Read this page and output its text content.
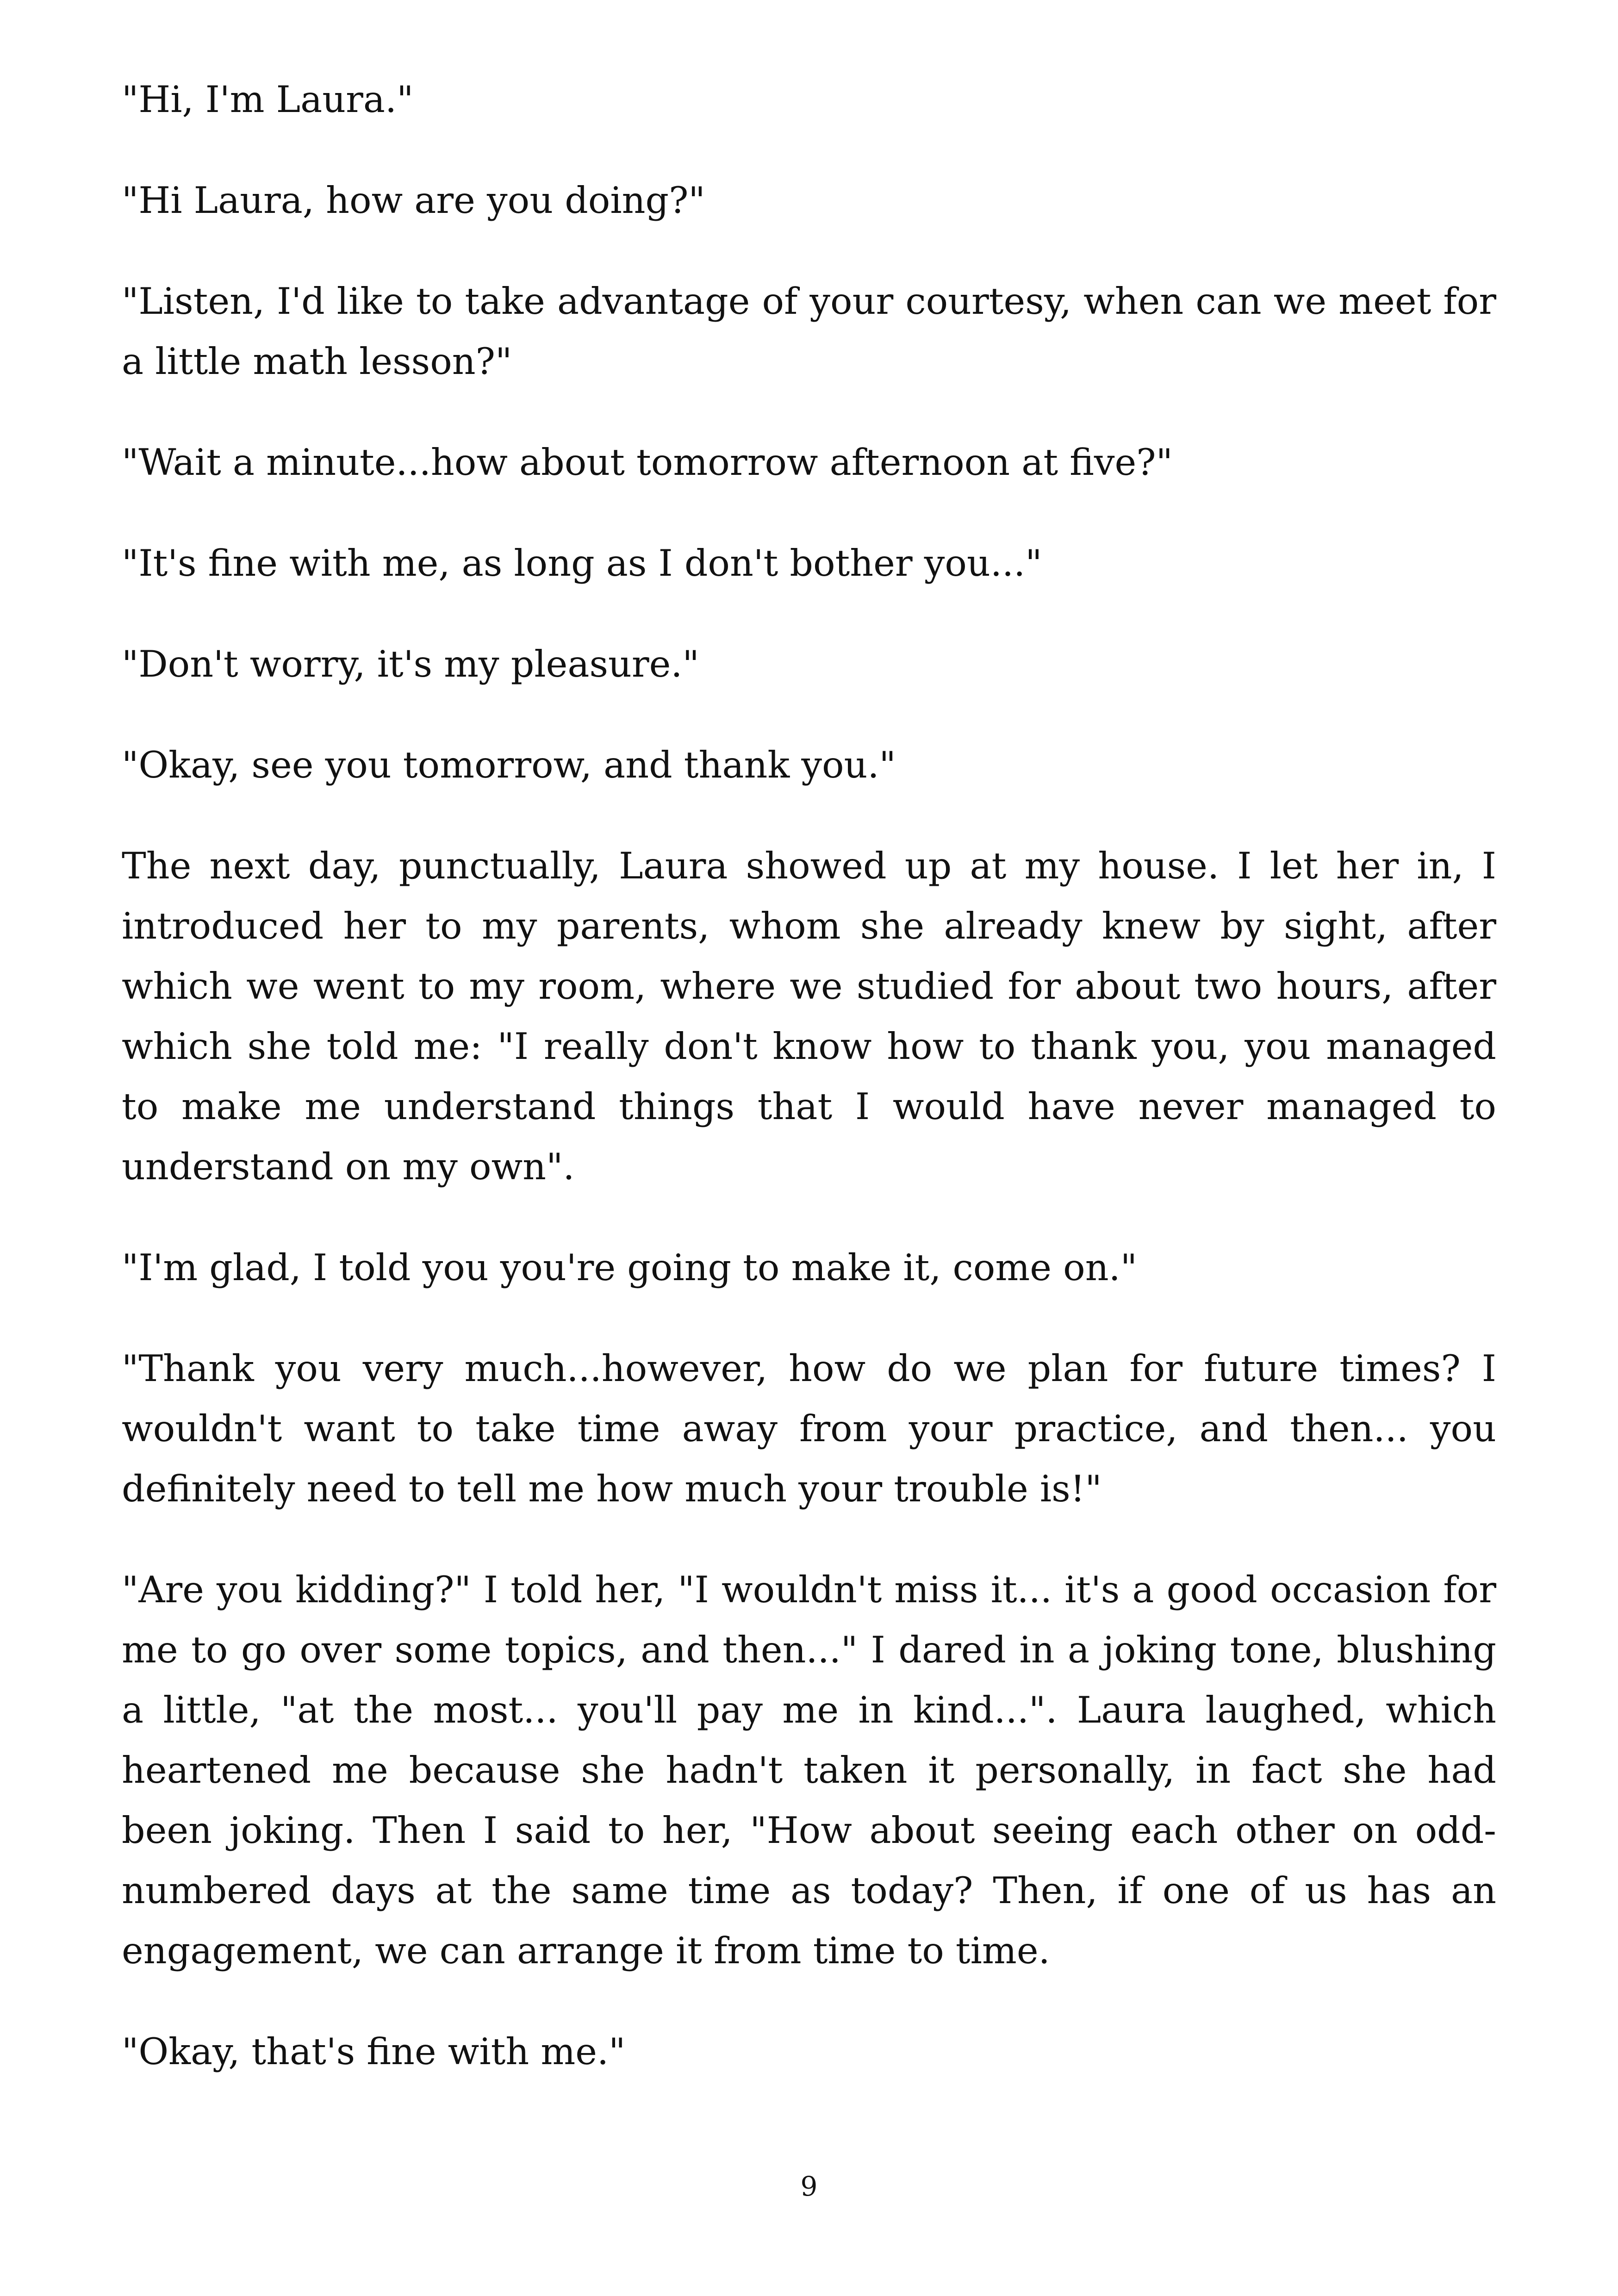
"Hi, I'm Laura."

"Hi Laura, how are you doing?"

"Listen, I'd like to take advantage of your courtesy, when can we meet for a little math lesson?"

"Wait a minute...how about tomorrow afternoon at five?"

"It's fine with me, as long as I don't bother you..."

"Don't worry, it's my pleasure."

"Okay, see you tomorrow, and thank you."

The next day, punctually, Laura showed up at my house. I let her in, I introduced her to my parents, whom she already knew by sight, after which we went to my room, where we studied for about two hours, after which she told me: "I really don't know how to thank you, you managed to make me understand things that I would have never managed to understand on my own".

"I'm glad, I told you you're going to make it, come on."

"Thank you very much...however, how do we plan for future times? I wouldn't want to take time away from your practice, and then... you definitely need to tell me how much your trouble is!"

"Are you kidding?" I told her, "I wouldn't miss it... it's a good occasion for me to go over some topics, and then..." I dared in a joking tone, blushing a little, "at the most... you'll pay me in kind...". Laura laughed, which heartened me because she hadn't taken it personally, in fact she had been joking. Then I said to her, "How about seeing each other on odd-numbered days at the same time as today? Then, if one of us has an engagement, we can arrange it from time to time.

"Okay, that's fine with me."

9
